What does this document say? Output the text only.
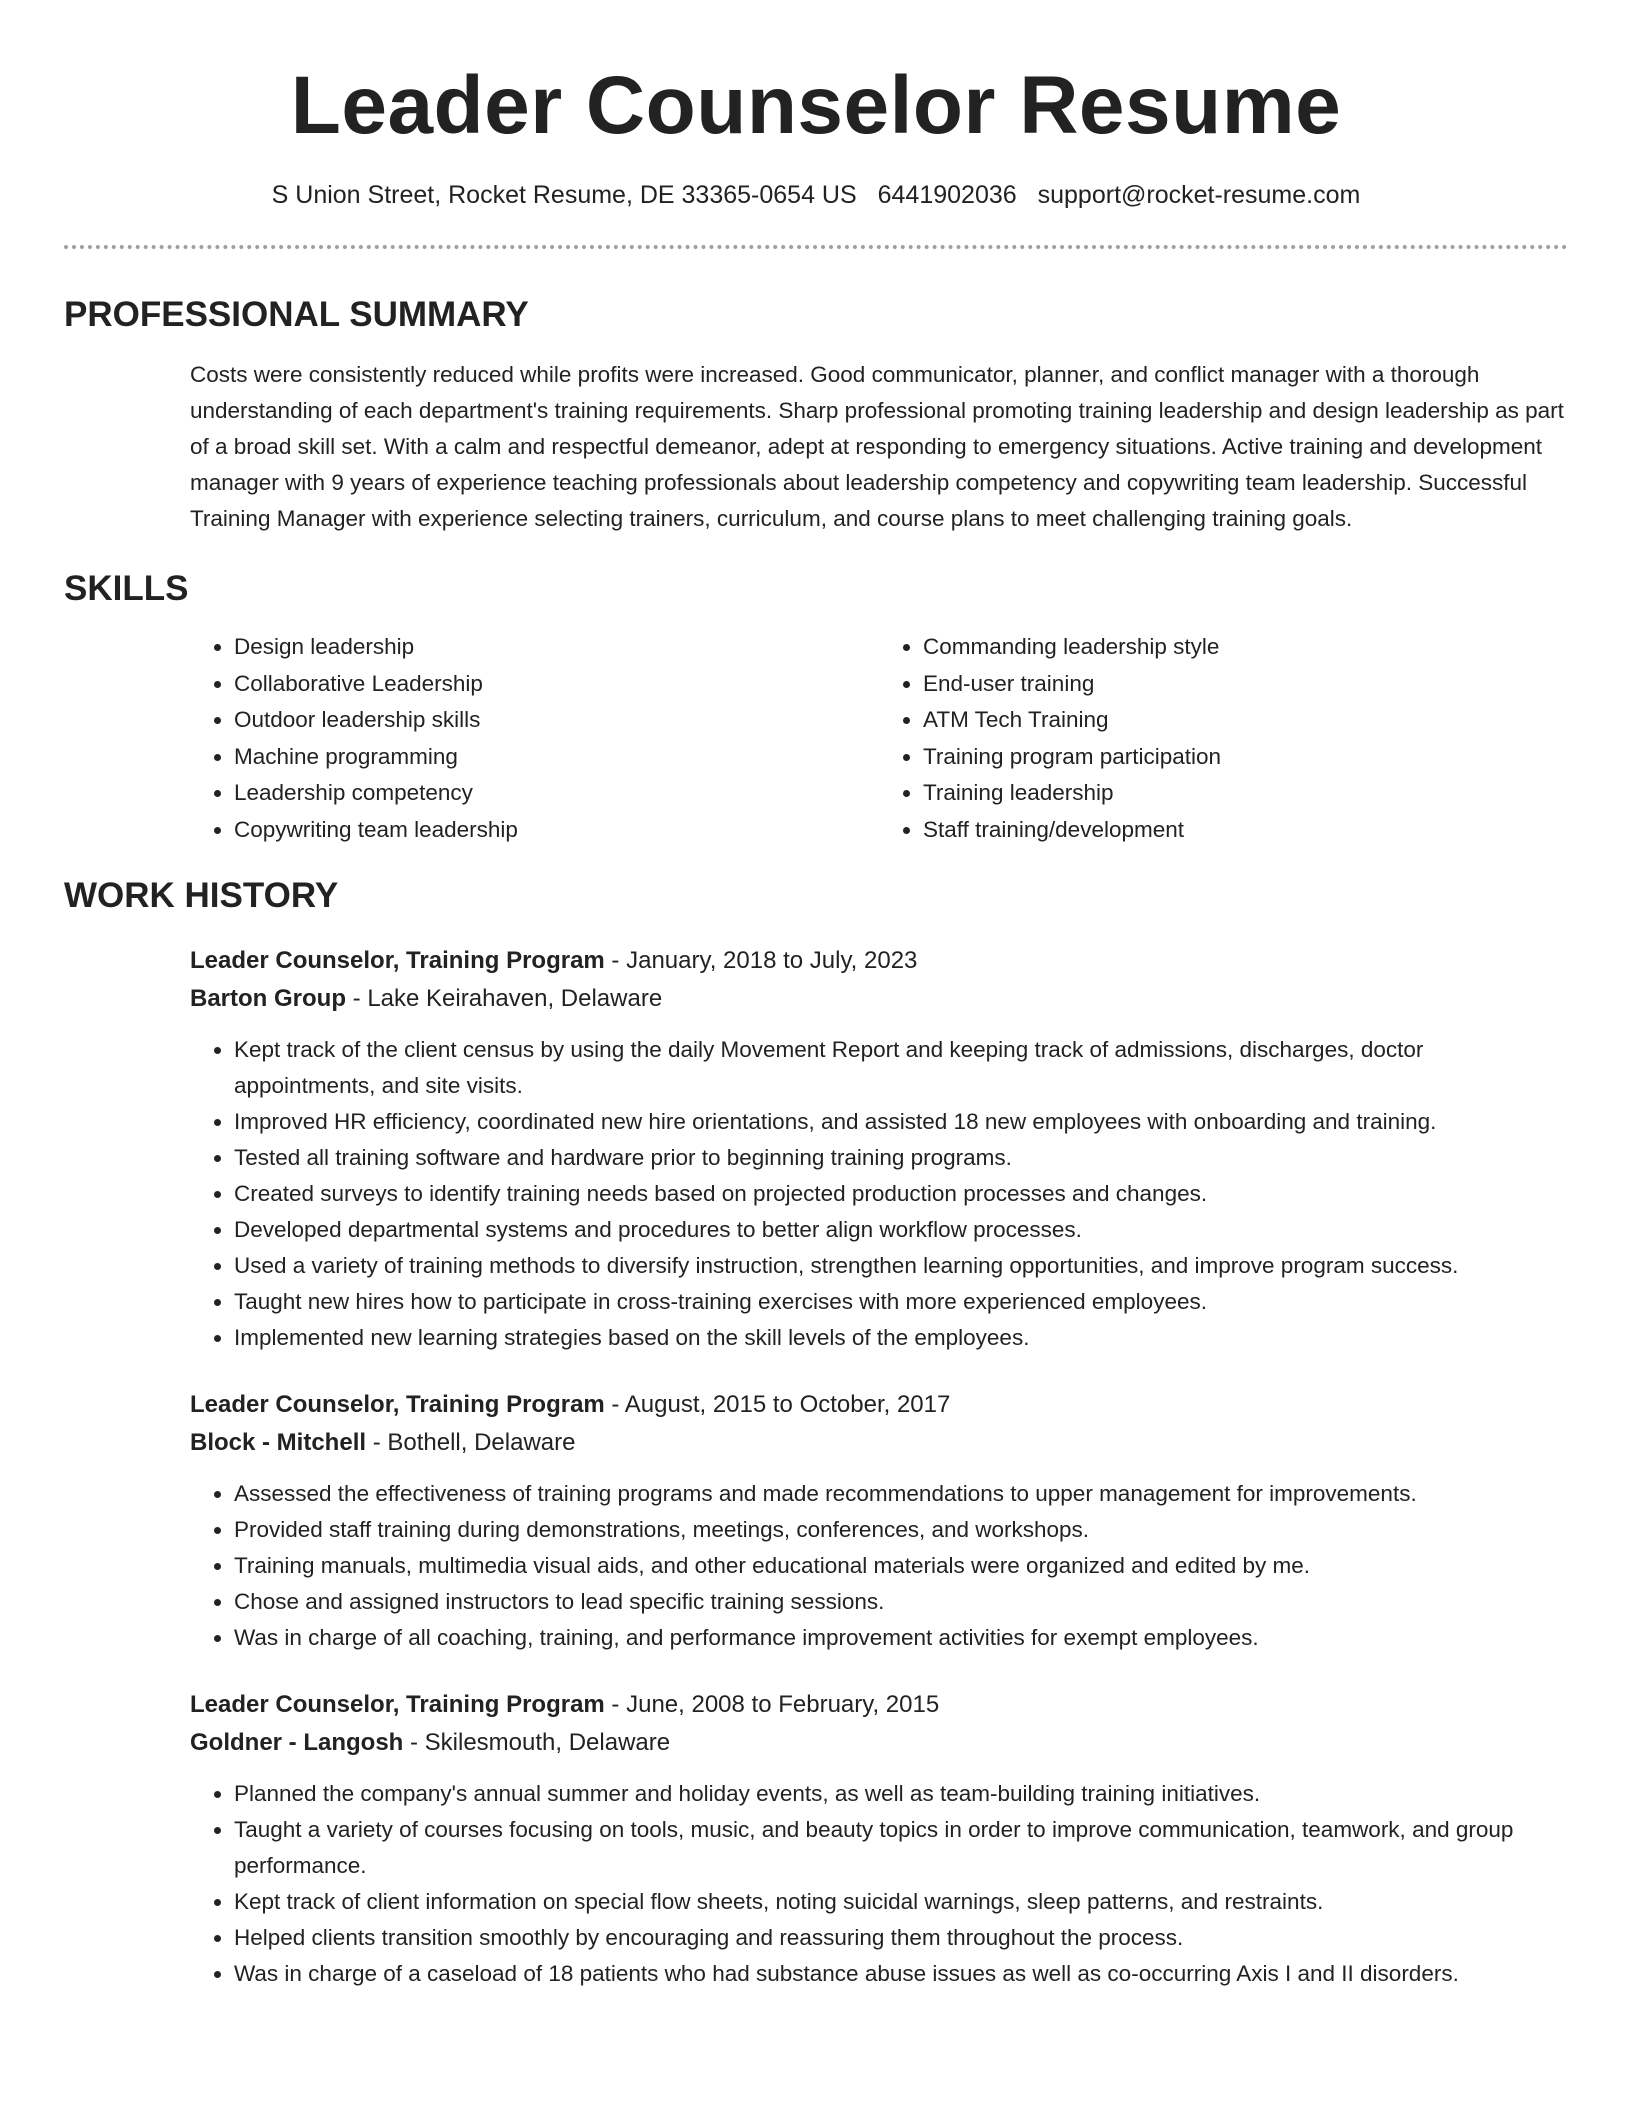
Leader Counselor Resume
S Union Street, Rocket Resume, DE 33365-0654 US 6441902036 support@rocket-resume.com
PROFESSIONAL SUMMARY

Costs were consistently reduced while profits were increased. Good communicator, planner, and conflict manager with a thorough understanding of each department's training requirements. Sharp professional promoting training leadership and design leadership as part of a broad skill set. With a calm and respectful demeanor, adept at responding to emergency situations. Active training and development manager with 9 years of experience teaching professionals about leadership competency and copywriting team leadership. Successful Training Manager with experience selecting trainers, curriculum, and course plans to meet challenging training goals.

SKILLS
• Design leadership
• Collaborative Leadership
• Outdoor leadership skills
• Machine programming
• Leadership competency
• Copywriting team leadership
• Commanding leadership style
• End-user training
• ATM Tech Training
• Training program participation
• Training leadership
• Staff training/development
WORK HISTORY
Leader Counselor, Training Program - January, 2018 to July, 2023
Barton Group - Lake Keirahaven, Delaware
• Kept track of the client census by using the daily Movement Report and keeping track of admissions, discharges, doctor appointments, and site visits.
• Improved HR efficiency, coordinated new hire orientations, and assisted 18 new employees with onboarding and training.
• Tested all training software and hardware prior to beginning training programs.
• Created surveys to identify training needs based on projected production processes and changes.
• Developed departmental systems and procedures to better align workflow processes.
• Used a variety of training methods to diversify instruction, strengthen learning opportunities, and improve program success.
• Taught new hires how to participate in cross-training exercises with more experienced employees.
• Implemented new learning strategies based on the skill levels of the employees.
Leader Counselor, Training Program - August, 2015 to October, 2017
Block - Mitchell - Bothell, Delaware
• Assessed the effectiveness of training programs and made recommendations to upper management for improvements.
• Provided staff training during demonstrations, meetings, conferences, and workshops.
• Training manuals, multimedia visual aids, and other educational materials were organized and edited by me.
• Chose and assigned instructors to lead specific training sessions.
• Was in charge of all coaching, training, and performance improvement activities for exempt employees.
Leader Counselor, Training Program - June, 2008 to February, 2015
Goldner - Langosh - Skilesmouth, Delaware
• Planned the company's annual summer and holiday events, as well as team-building training initiatives.
• Taught a variety of courses focusing on tools, music, and beauty topics in order to improve communication, teamwork, and group performance.
• Kept track of client information on special flow sheets, noting suicidal warnings, sleep patterns, and restraints.
• Helped clients transition smoothly by encouraging and reassuring them throughout the process.
• Was in charge of a caseload of 18 patients who had substance abuse issues as well as co-occurring Axis I and II disorders.
